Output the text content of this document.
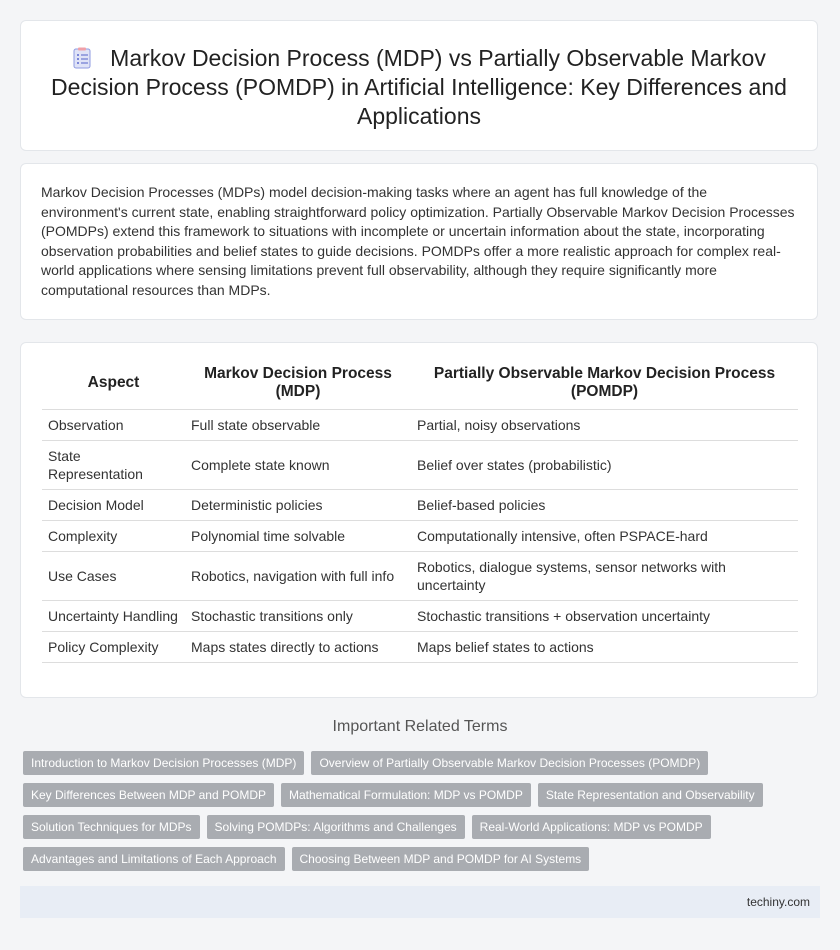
Markov Decision Process (MDP) vs Partially Observable Markov Decision Process (POMDP) in Artificial Intelligence: Key Differences and Applications

Markov Decision Processes (MDPs) model decision-making tasks where an agent has full knowledge of the environment's current state, enabling straightforward policy optimization. Partially Observable Markov Decision Processes (POMDPs) extend this framework to situations with incomplete or uncertain information about the state, incorporating observation probabilities and belief states to guide decisions. POMDPs offer a more realistic approach for complex real-world applications where sensing limitations prevent full observability, although they require significantly more computational resources than MDPs.

Aspect	Markov Decision Process (MDP)	Partially Observable Markov Decision Process (POMDP)
Observation	Full state observable	Partial, noisy observations
State Representation	Complete state known	Belief over states (probabilistic)
Decision Model	Deterministic policies	Belief-based policies
Complexity	Polynomial time solvable	Computationally intensive, often PSPACE-hard
Use Cases	Robotics, navigation with full info	Robotics, dialogue systems, sensor networks with uncertainty
Uncertainty Handling	Stochastic transitions only	Stochastic transitions + observation uncertainty
Policy Complexity	Maps states directly to actions	Maps belief states to actions
Important Related Terms
Introduction to Markov Decision Processes (MDP)	Overview of Partially Observable Markov Decision Processes (POMDP)
Key Differences Between MDP and POMDP	Mathematical Formulation: MDP vs POMDP	State Representation and Observability
Solution Techniques for MDPs	Solving POMDPs: Algorithms and Challenges	Real-World Applications: MDP vs POMDP
Advantages and Limitations of Each Approach	Choosing Between MDP and POMDP for AI Systems
techiny.com
